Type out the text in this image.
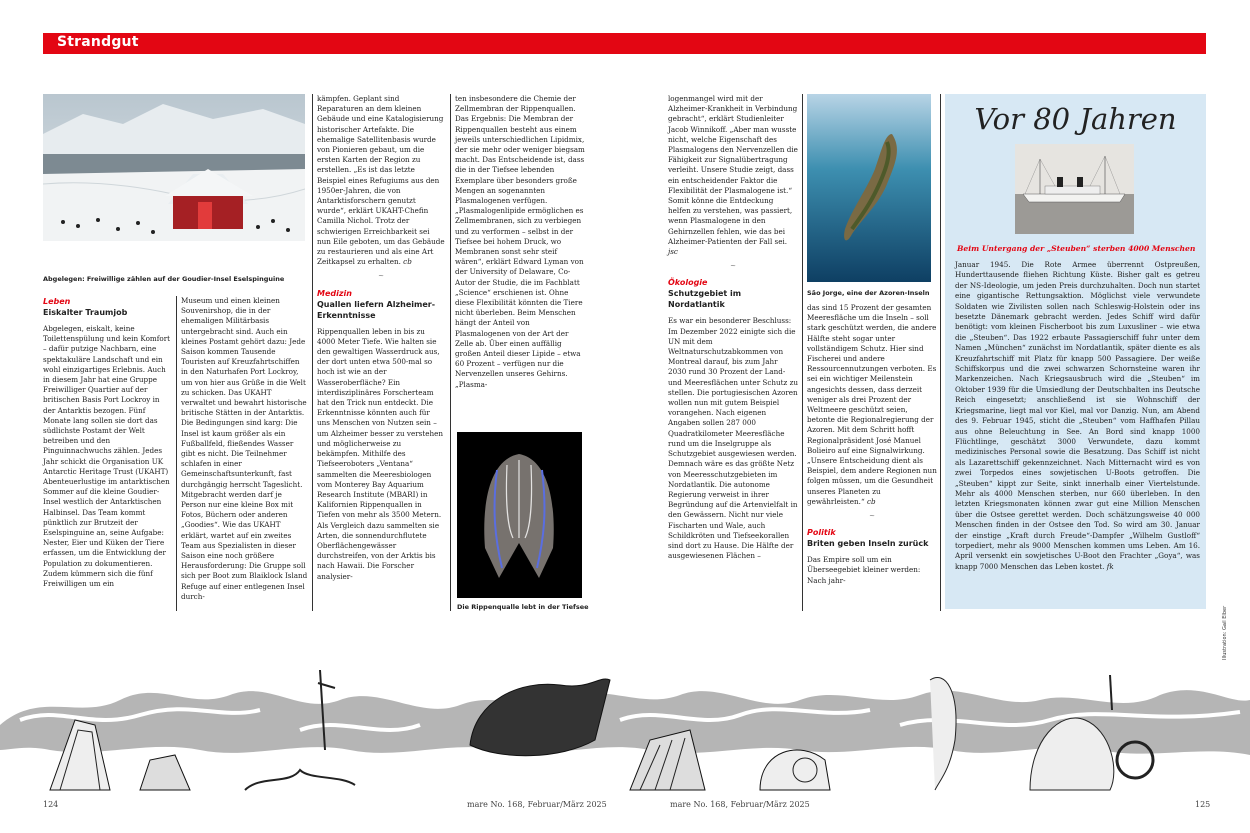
Strandgut
Abgelegen: Freiwillige zählen auf der Goudier-Insel Eselspinguine

Leben

Eiskalter Traumjob

Abgelegen, eiskalt, keine Toilettenspülung und kein Komfort – dafür putzige Nachbarn, eine spektakuläre Landschaft und ein wohl einzigartiges Erlebnis. Auch in diesem Jahr hat eine Gruppe Freiwilliger Quartier auf der britischen Basis Port Lockroy in der Antarktis bezogen. Fünf Monate lang sollen sie dort das südlichste Postamt der Welt betreiben und den Pinguinnachwuchs zählen. Jedes Jahr schickt die Organisation UK Antarctic Heritage Trust (UKAHT) Abenteuerlustige im antarktischen Sommer auf die kleine Goudier-Insel westlich der Antarktischen Halbinsel. Das Team kommt pünktlich zur Brutzeit der Eselspinguine an, seine Aufgabe: Nester, Eier und Küken der Tiere erfassen, um die Entwicklung der Population zu dokumentieren. Zudem kümmern sich die fünf Freiwilligen um ein

Museum und einen kleinen Souvenirshop, die in der ehemaligen Militärbasis untergebracht sind. Auch ein kleines Postamt gehört dazu: Jede Saison kommen Tausende Touristen auf Kreuzfahrtschiffen in den Naturhafen Port Lockroy, um von hier aus Grüße in die Welt zu schicken. Das UKAHT verwaltet und bewahrt historische britische Stätten in der Antarktis. Die Bedingungen sind karg: Die Insel ist kaum größer als ein Fußballfeld, fließendes Wasser gibt es nicht. Die Teilnehmer schlafen in einer Gemeinschaftsunterkunft, fast durchgängig herrscht Tageslicht. Mitgebracht werden darf je Person nur eine kleine Box mit Fotos, Büchern oder anderen „Goodies“. Wie das UKAHT erklärt, wartet auf ein zweites Team aus Spezialisten in dieser Saison eine noch größere Herausforderung: Die Gruppe soll sich per Boot zum Blaiklock Island Refuge auf einer entlegenen Insel durch-

kämpfen. Geplant sind Reparaturen an dem kleinen Gebäude und eine Katalogisierung historischer Artefakte. Die ehemalige Satellitenbasis wurde von Pionieren gebaut, um die ersten Karten der Region zu erstellen. „Es ist das letzte Beispiel eines Refugiums aus den 1950er-Jahren, die von Antarktisforschern genutzt wurde“, erklärt UKAHT-Chefin Camilla Nichol. Trotz der schwierigen Erreichbarkeit sei nun Eile geboten, um das Gebäude zu restaurieren und als eine Art Zeitkapsel zu erhalten. cb

~

Medizin

Quallen liefern Alzheimer-Erkenntnisse

Rippenquallen leben in bis zu 4000 Meter Tiefe. Wie halten sie den gewaltigen Wasserdruck aus, der dort unten etwa 500-mal so hoch ist wie an der Wasseroberfläche? Ein interdisziplinäres Forscherteam hat den Trick nun entdeckt. Die Erkenntnisse könnten auch für uns Menschen von Nutzen sein – um Alzheimer besser zu verstehen und möglicherweise zu bekämpfen. Mithilfe des Tiefseeroboters „Ventana“ sammelten die Meeresbiologen vom Monterey Bay Aquarium Research Institute (MBARI) in Kalifornien Rippenquallen in Tiefen von mehr als 3500 Metern. Als Vergleich dazu sammelten sie Arten, die sonnendurchflutete Oberflächengewässer durchstreifen, von der Arktis bis nach Hawaii. Die Forscher analysier-

ten insbesondere die Chemie der Zellmembran der Rippenquallen. Das Ergebnis: Die Membran der Rippenquallen besteht aus einem jeweils unterschiedlichen Lipidmix, der sie mehr oder weniger biegsam macht. Das Entscheidende ist, dass die in der Tiefsee lebenden Exemplare über besonders große Mengen an sogenannten Plasmalogenen verfügen. „Plasmalogenlipide ermöglichen es Zellmembranen, sich zu verbiegen und zu verformen – selbst in der Tiefsee bei hohem Druck, wo Membranen sonst sehr steif wären“, erklärt Edward Lyman von der University of Delaware, Co-Autor der Studie, die im Fachblatt „Science“ erschienen ist. Ohne diese Flexibilität könnten die Tiere nicht überleben. Beim Menschen hängt der Anteil von Plasmalogenen von der Art der Zelle ab. Über einen auffällig großen Anteil dieser Lipide – etwa 60 Prozent – verfügen nur die Nervenzellen unseres Gehirns. „Plasma-

Die Rippenqualle lebt in der Tiefsee

logenmangel wird mit der Alzheimer-Krankheit in Verbindung gebracht“, erklärt Studienleiter Jacob Winnikoff. „Aber man wusste nicht, welche Eigenschaft des Plasmalogens den Nervenzellen die Fähigkeit zur Signalübertragung verleiht. Unsere Studie zeigt, dass ein entscheidender Faktor die Flexibilität der Plasmalogene ist.“ Somit könne die Entdeckung helfen zu verstehen, was passiert, wenn Plasmalogene in den Gehirnzellen fehlen, wie das bei Alzheimer-Patienten der Fall sei. jsc

~

Ökologie

Schutzgebiet im Nordatlantik

Es war ein besonderer Beschluss: Im Dezember 2022 einigte sich die UN mit dem Weltnaturschutzabkommen von Montreal darauf, bis zum Jahr 2030 rund 30 Prozent der Land- und Meeresflächen unter Schutz zu stellen. Die portugiesischen Azoren wollen nun mit gutem Beispiel vorangehen. Nach eigenen Angaben sollen 287 000 Quadratkilometer Meeresfläche rund um die Inselgruppe als Schutzgebiet ausgewiesen werden. Demnach wäre es das größte Netz von Meeresschutzgebieten im Nordatlantik. Die autonome Regierung verweist in ihrer Begründung auf die Artenvielfalt in den Gewässern. Nicht nur viele Fischarten und Wale, auch Schildkröten und Tiefseekorallen sind dort zu Hause. Die Hälfte der ausgewiesenen Flächen –

São Jorge, eine der Azoren-Inseln

das sind 15 Prozent der gesamten Meeresfläche um die Inseln – soll stark geschützt werden, die andere Hälfte steht sogar unter vollständigem Schutz. Hier sind Fischerei und andere Ressourcennutzungen verboten. Es sei ein wichtiger Meilenstein angesichts dessen, dass derzeit weniger als drei Prozent der Weltmeere geschützt seien, betonte die Regionalregierung der Azoren. Mit dem Schritt hofft Regionalpräsident José Manuel Bolieiro auf eine Signalwirkung. „Unsere Entscheidung dient als Beispiel, dem andere Regionen nun folgen müssen, um die Gesundheit unseres Planeten zu gewährleisten.“ cb

~

Politik

Briten geben Inseln zurück

Das Empire soll um ein Überseegebiet kleiner werden: Nach jahr-

Vor 80 Jahren
Beim Untergang der „Steuben“ sterben 4000 Menschen
Januar 1945. Die Rote Armee überrennt Ostpreußen, Hunderttausende fliehen Richtung Küste. Bisher galt es getreu der NS-Ideologie, um jeden Preis durchzuhalten. Doch nun startet eine gigantische Rettungsaktion. Möglichst viele verwundete Soldaten wie Zivilisten sollen nach Schleswig-Holstein oder ins besetzte Dänemark gebracht werden. Jedes Schiff wird dafür benötigt: vom kleinen Fischerboot bis zum Luxusliner – wie etwa die „Steuben“. Das 1922 erbaute Passagierschiff fuhr unter dem Namen „München“ zunächst im Nordatlantik, später diente es als Kreuzfahrtschiff mit Platz für knapp 500 Passagiere. Der weiße Schiffskorpus und die zwei schwarzen Schornsteine waren ihr Markenzeichen. Nach Kriegsausbruch wird die „Steuben“ im Oktober 1939 für die Umsiedlung der Deutschbalten ins Deutsche Reich eingesetzt; anschließend ist sie Wohnschiff der Kriegsmarine, liegt mal vor Kiel, mal vor Danzig. Nun, am Abend des 9. Februar 1945, sticht die „Steuben“ vom Haffhafen Pillau aus ohne Beleuchtung in See. An Bord sind knapp 1000 Flüchtlinge, geschätzt 3000 Verwundete, dazu kommt medizinisches Personal sowie die Besatzung. Das Schiff ist nicht als Lazarettschiff gekennzeichnet. Nach Mitternacht wird es von zwei Torpedos eines sowjetischen U-Boots getroffen. Die „Steuben“ kippt zur Seite, sinkt innerhalb einer Viertelstunde. Mehr als 4000 Menschen sterben, nur 660 überleben. In den letzten Kriegsmonaten können zwar gut eine Million Menschen über die Ostsee gerettet werden. Doch schätzungsweise 40 000 Menschen finden in der Ostsee den Tod. So wird am 30. Januar der einstige „Kraft durch Freude“-Dampfer „Wilhelm Gustloff“ torpediert, mehr als 9000 Menschen kommen ums Leben. Am 16. April versenkt ein sowjetisches U-Boot den Frachter „Goya“, was knapp 7000 Menschen das Leben kostet. fk
Illustration: Gail Elber
124	mare No. 168, Februar/März 2025	mare No. 168, Februar/März 2025	125
